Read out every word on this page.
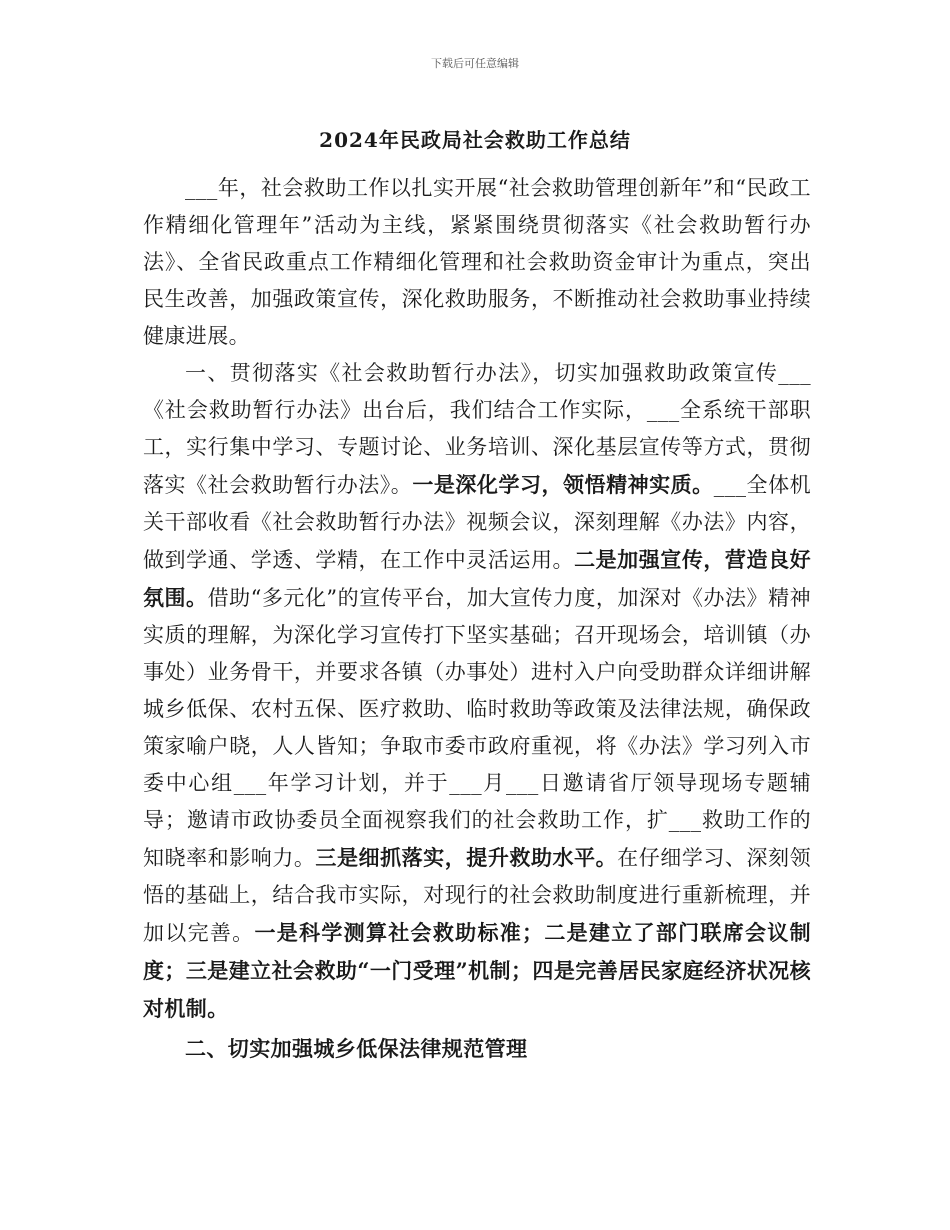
下载后可任意编辑
2024年民政局社会救助工作总结

___年，社会救助工作以扎实开展“社会救助管理创新年”和“民政工作精细化管理年”活动为主线，紧紧围绕贯彻落实《社会救助暂行办法》、全省民政重点工作精细化管理和社会救助资金审计为重点，突出民生改善，加强政策宣传，深化救助服务，不断推动社会救助事业持续健康进展。

一、贯彻落实《社会救助暂行办法》，切实加强救助政策宣传___《社会救助暂行办法》出台后，我们结合工作实际，___全系统干部职工，实行集中学习、专题讨论、业务培训、深化基层宣传等方式，贯彻落实《社会救助暂行办法》。一是深化学习，领悟精神实质。___全体机关干部收看《社会救助暂行办法》视频会议，深刻理解《办法》内容，做到学通、学透、学精，在工作中灵活运用。二是加强宣传，营造良好氛围。借助“多元化”的宣传平台，加大宣传力度，加深对《办法》精神实质的理解，为深化学习宣传打下坚实基础；召开现场会，培训镇（办事处）业务骨干，并要求各镇（办事处）进村入户向受助群众详细讲解城乡低保、农村五保、医疗救助、临时救助等政策及法律法规，确保政策家喻户晓，人人皆知；争取市委市政府重视，将《办法》学习列入市委中心组___年学习计划，并于___月___日邀请省厅领导现场专题辅导；邀请市政协委员全面视察我们的社会救助工作，扩___救助工作的知晓率和影响力。三是细抓落实，提升救助水平。在仔细学习、深刻领悟的基础上，结合我市实际，对现行的社会救助制度进行重新梳理，并加以完善。一是科学测算社会救助标准；二是建立了部门联席会议制度；三是建立社会救助“一门受理”机制；四是完善居民家庭经济状况核对机制。

二、切实加强城乡低保法律规范管理
